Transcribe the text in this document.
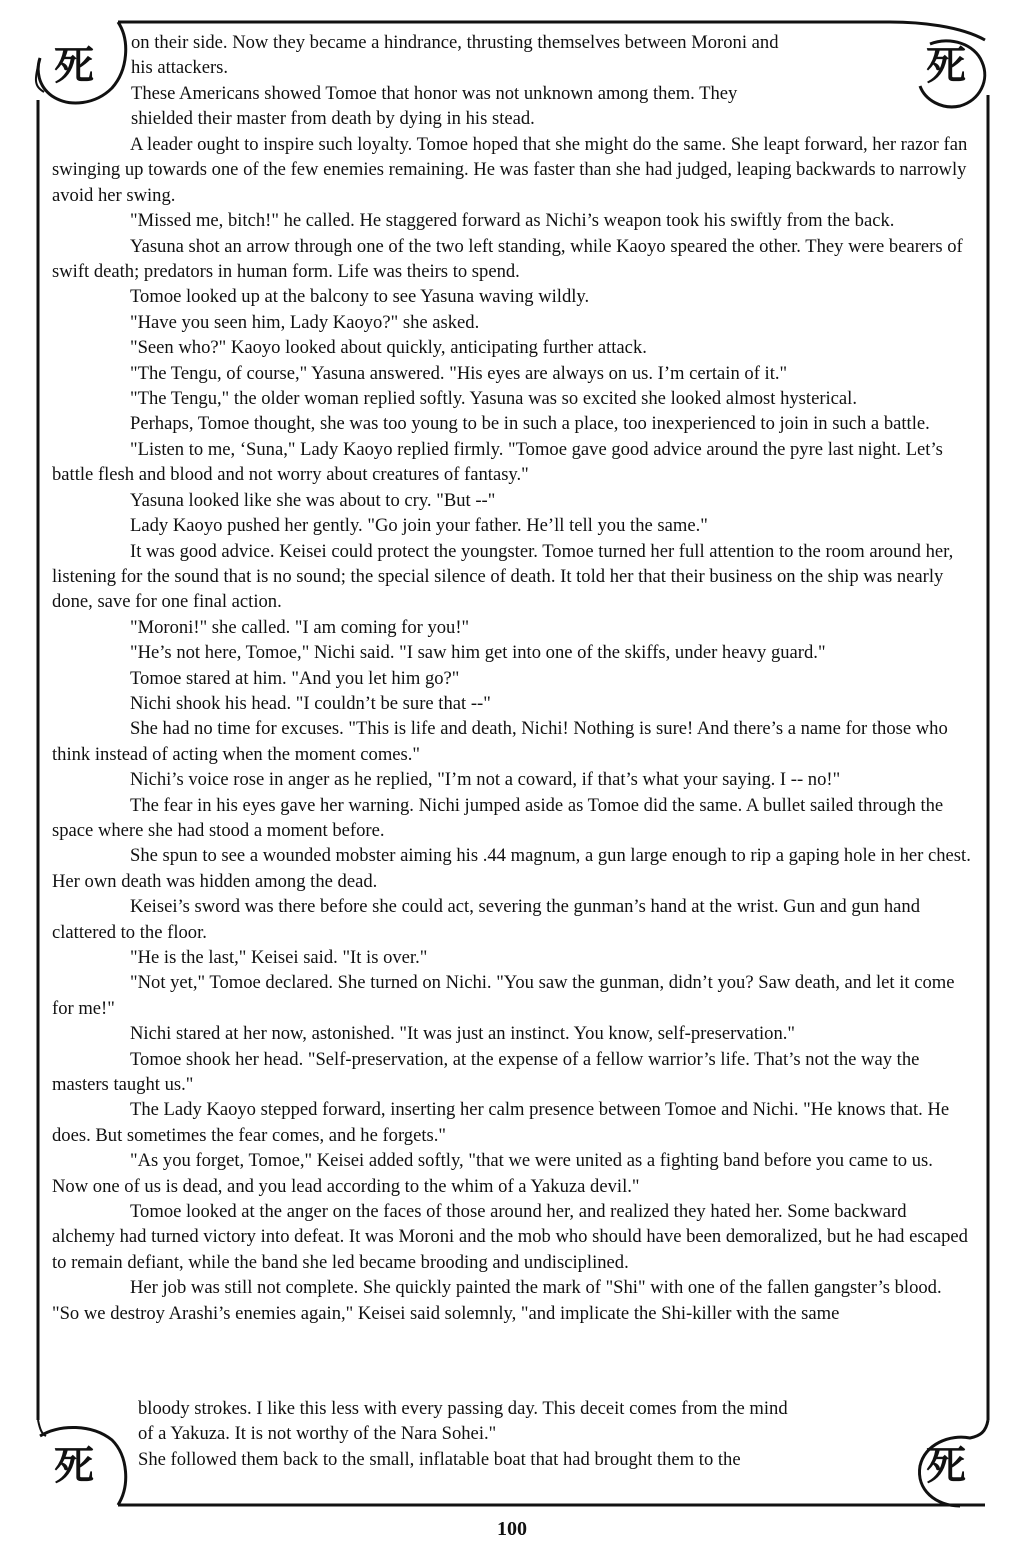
死	死
死	死

on their side. Now they became a hindrance, thrusting themselves between Moroni and

his attackers.

These Americans showed Tomoe that honor was not unknown among them. They

shielded their master from death by dying in his stead.

A leader ought to inspire such loyalty. Tomoe hoped that she might do the same. She leapt forward, her razor fan swinging up towards one of the few enemies remaining. He was faster than she had judged, leaping backwards to narrowly avoid her swing.

"Missed me, bitch!" he called. He staggered forward as Nichi’s weapon took his swiftly from the back.

Yasuna shot an arrow through one of the two left standing, while Kaoyo speared the other. They were bearers of swift death; predators in human form. Life was theirs to spend.

Tomoe looked up at the balcony to see Yasuna waving wildly.

"Have you seen him, Lady Kaoyo?" she asked.

"Seen who?" Kaoyo looked about quickly, anticipating further attack.

"The Tengu, of course," Yasuna answered. "His eyes are always on us. I’m certain of it."

"The Tengu," the older woman replied softly. Yasuna was so excited she looked almost hysterical.

Perhaps, Tomoe thought, she was too young to be in such a place, too inexperienced to join in such a battle.

"Listen to me, ‘Suna," Lady Kaoyo replied firmly. "Tomoe gave good advice around the pyre last night. Let’s battle flesh and blood and not worry about creatures of fantasy."

Yasuna looked like she was about to cry. "But --"

Lady Kaoyo pushed her gently. "Go join your father. He’ll tell you the same."

It was good advice. Keisei could protect the youngster. Tomoe turned her full attention to the room around her, listening for the sound that is no sound; the special silence of death. It told her that their business on the ship was nearly done, save for one final action.

"Moroni!" she called. "I am coming for you!"

"He’s not here, Tomoe," Nichi said. "I saw him get into one of the skiffs, under heavy guard."

Tomoe stared at him. "And you let him go?"

Nichi shook his head. "I couldn’t be sure that --"

She had no time for excuses. "This is life and death, Nichi! Nothing is sure! And there’s a name for those who think instead of acting when the moment comes."

Nichi’s voice rose in anger as he replied, "I’m not a coward, if that’s what your saying. I -- no!"

The fear in his eyes gave her warning. Nichi jumped aside as Tomoe did the same. A bullet sailed through the space where she had stood a moment before.

She spun to see a wounded mobster aiming his .44 magnum, a gun large enough to rip a gaping hole in her chest. Her own death was hidden among the dead.

Keisei’s sword was there before she could act, severing the gunman’s hand at the wrist. Gun and gun hand clattered to the floor.

"He is the last," Keisei said. "It is over."

"Not yet," Tomoe declared. She turned on Nichi. "You saw the gunman, didn’t you? Saw death, and let it come for me!"

Nichi stared at her now, astonished. "It was just an instinct. You know, self-preservation."

Tomoe shook her head. "Self-preservation, at the expense of a fellow warrior’s life. That’s not the way the masters taught us."

The Lady Kaoyo stepped forward, inserting her calm presence between Tomoe and Nichi. "He knows that. He does. But sometimes the fear comes, and he forgets."

"As you forget, Tomoe," Keisei added softly, "that we were united as a fighting band before you came to us. Now one of us is dead, and you lead according to the whim of a Yakuza devil."

Tomoe looked at the anger on the faces of those around her, and realized they hated her. Some backward alchemy had turned victory into defeat. It was Moroni and the mob who should have been demoralized, but he had escaped to remain defiant, while the band she led became brooding and undisciplined.

Her job was still not complete. She quickly painted the mark of "Shi" with one of the fallen gangster’s blood.

"So we destroy Arashi’s enemies again," Keisei said solemnly, "and implicate the Shi-killer with the same

bloody strokes. I like this less with every passing day. This deceit comes from the mind

of a Yakuza. It is not worthy of the Nara Sohei."

She followed them back to the small, inflatable boat that had brought them to the

100
